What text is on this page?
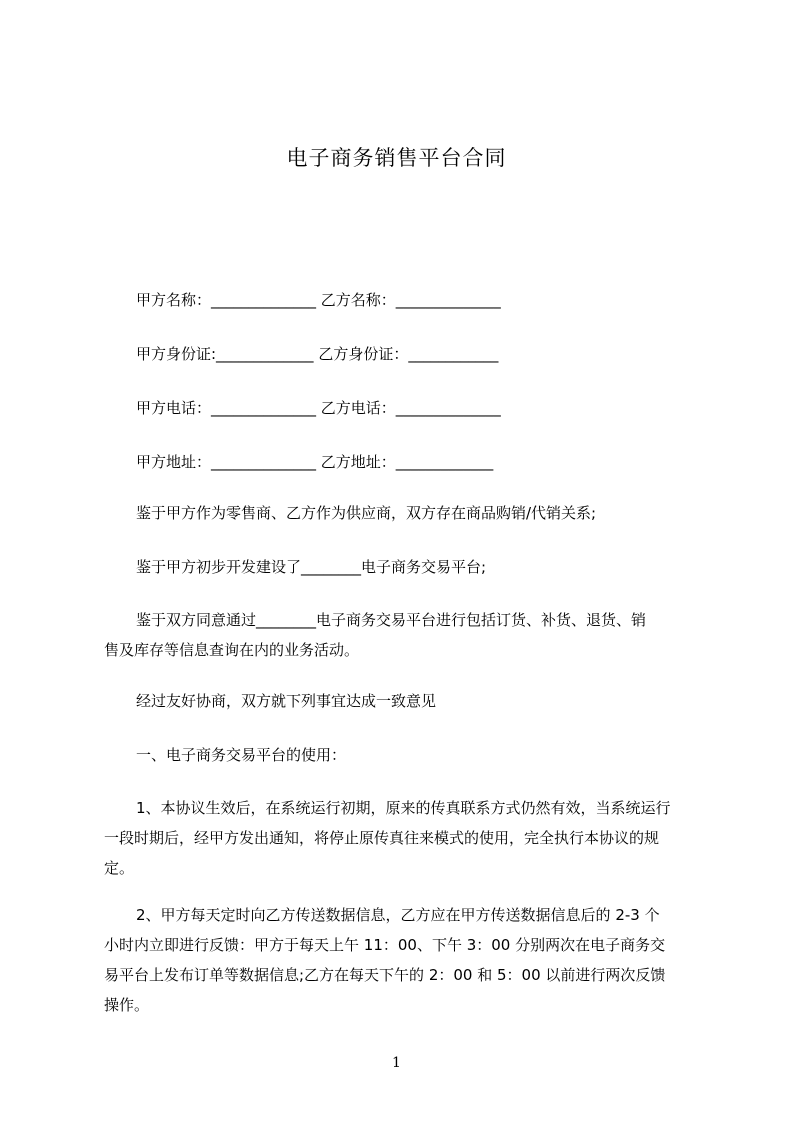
电子商务销售平台合同
甲方名称：______________ 乙方名称：______________
甲方身份证:_____________ 乙方身份证：____________
甲方电话：______________ 乙方电话：______________
甲方地址：______________ 乙方地址：_____________
鉴于甲方作为零售商、乙方作为供应商，双方存在商品购销/代销关系;
鉴于甲方初步开发建设了________电子商务交易平台;
鉴于双方同意通过________电子商务交易平台进行包括订货、补货、退货、销
售及库存等信息查询在内的业务活动。
经过友好协商，双方就下列事宜达成一致意见
一、电子商务交易平台的使用：
1、本协议生效后，在系统运行初期，原来的传真联系方式仍然有效，当系统运行
一段时期后，经甲方发出通知，将停止原传真往来模式的使用，完全执行本协议的规
定。
2、甲方每天定时向乙方传送数据信息，乙方应在甲方传送数据信息后的 2-3 个
小时内立即进行反馈：甲方于每天上午 11：00、下午 3：00 分别两次在电子商务交
易平台上发布订单等数据信息;乙方在每天下午的 2：00 和 5：00 以前进行两次反馈
操作。
1
